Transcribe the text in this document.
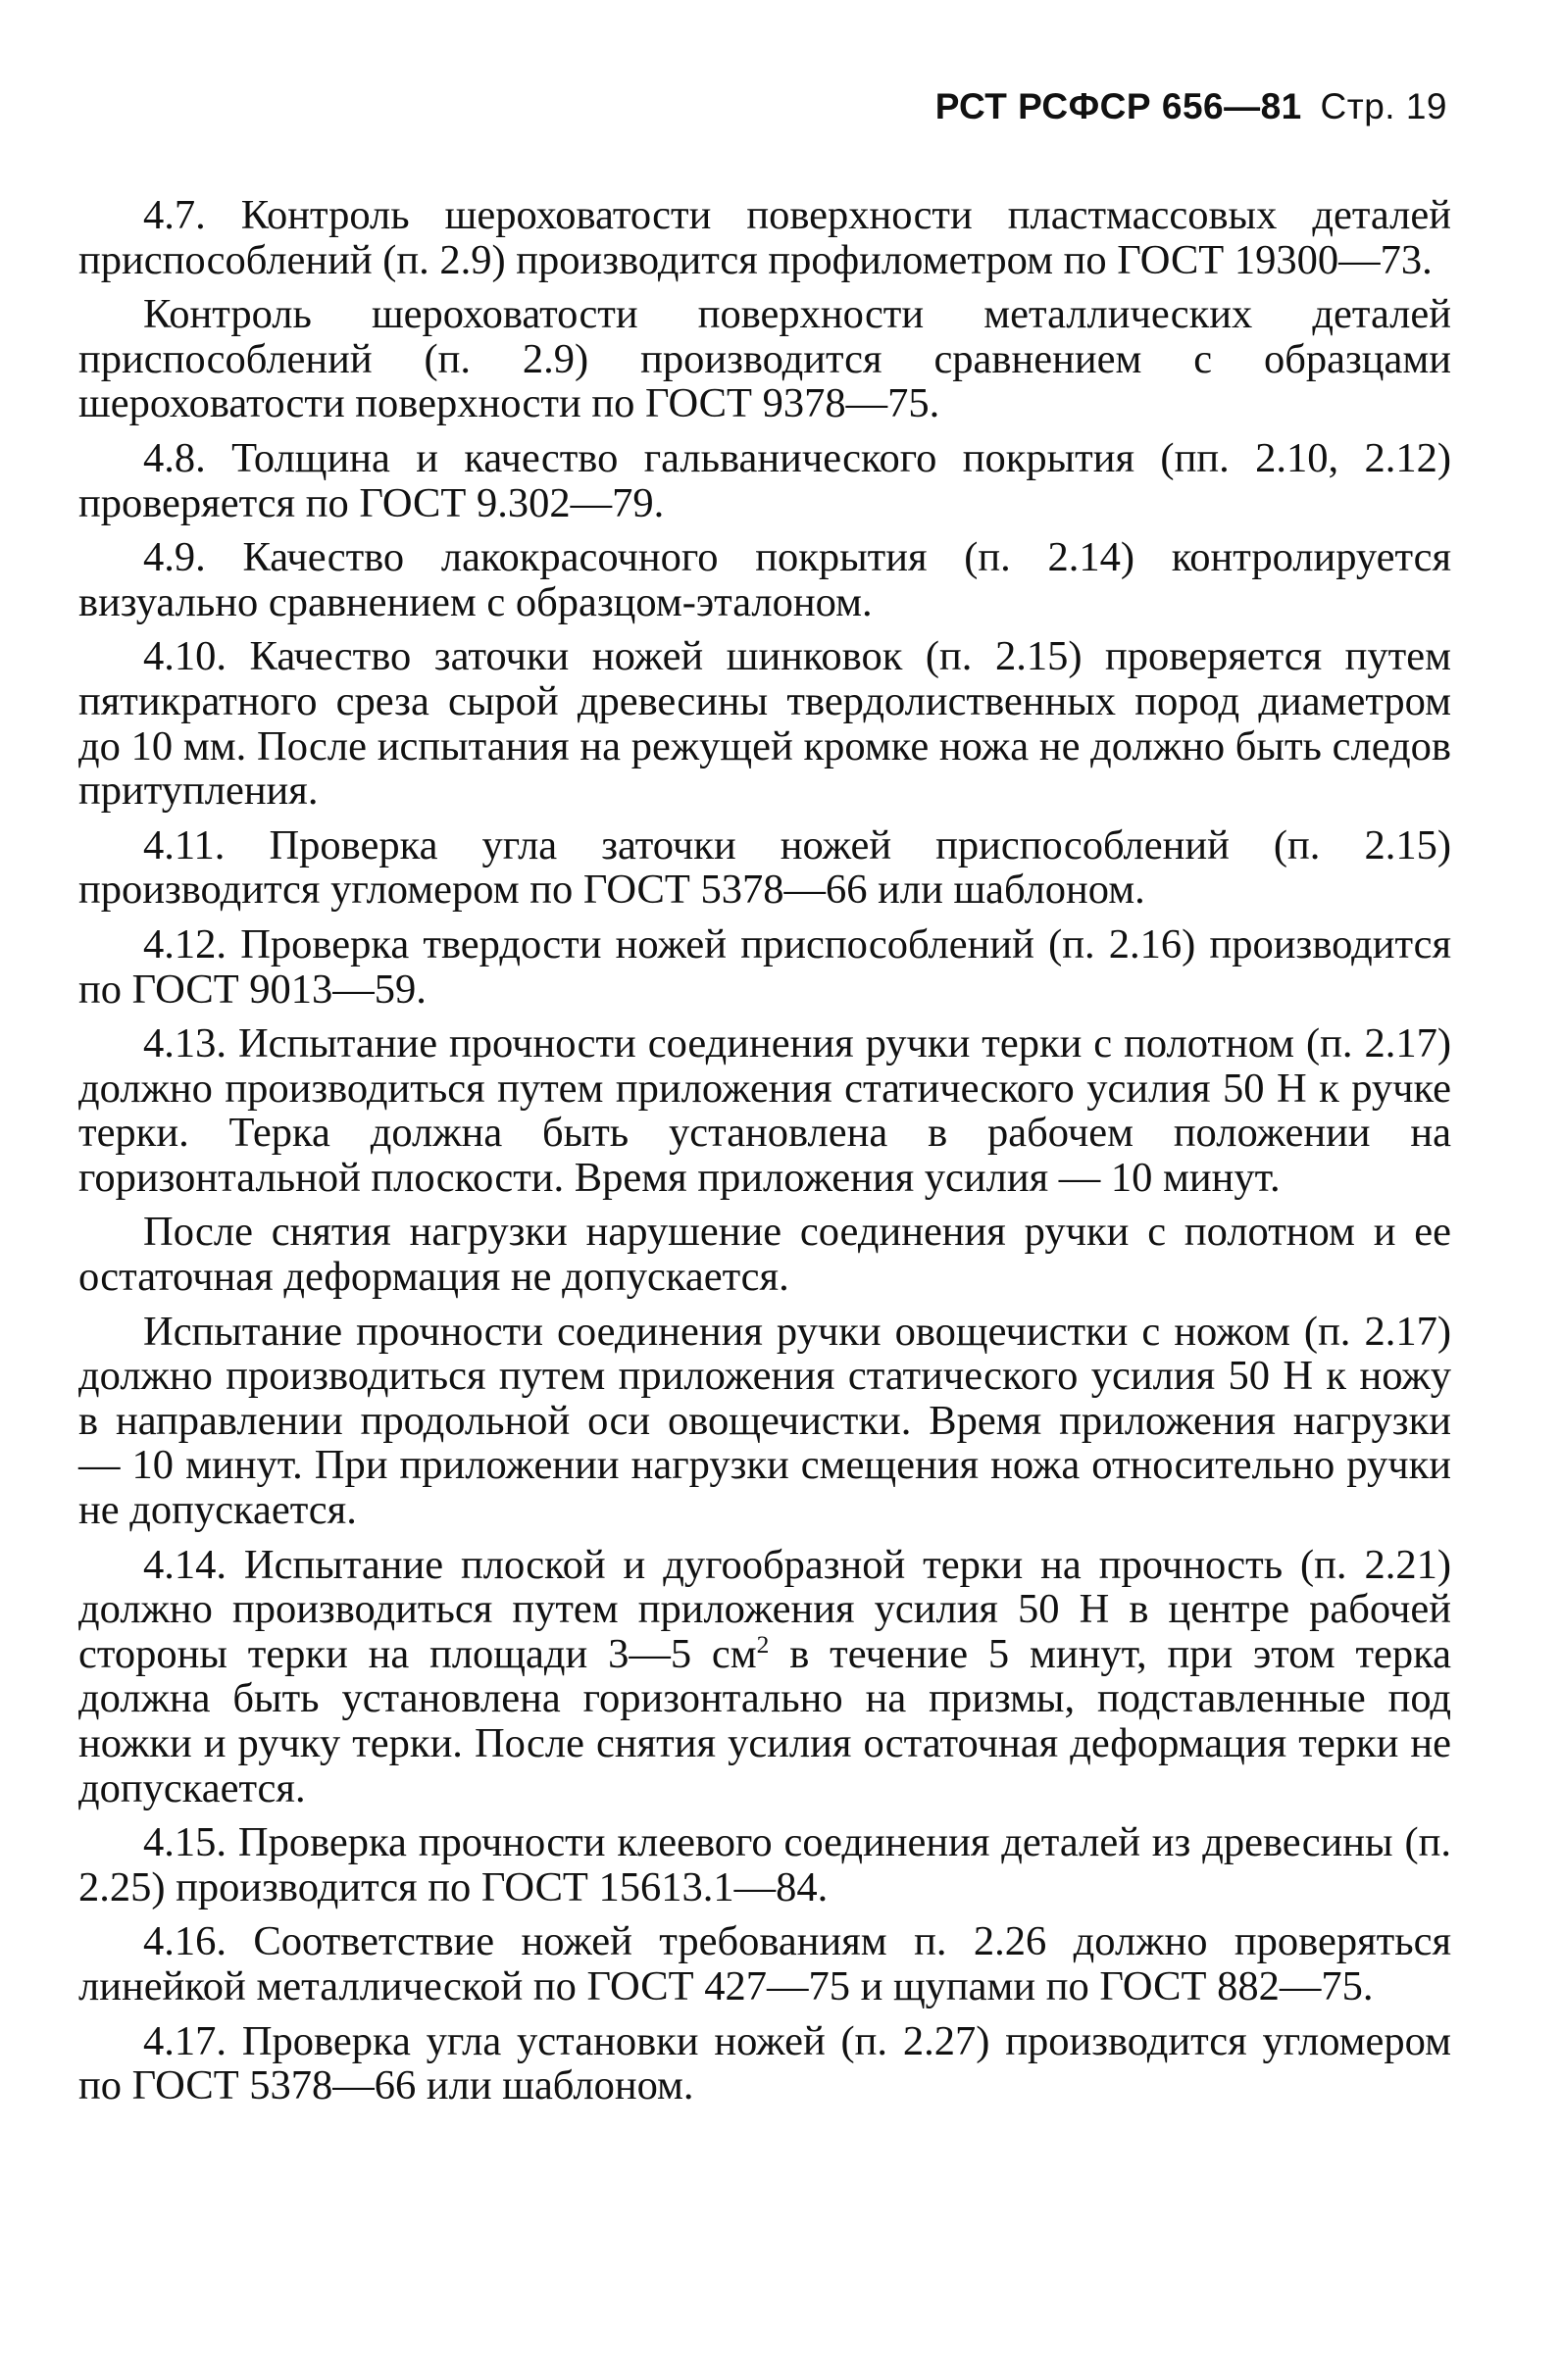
РСТ РСФСР 656—81 Стр. 19

4.7. Контроль шероховатости поверхности пластмассовых деталей приспособлений (п. 2.9) производится профилометром по ГОСТ 19300—73.

Контроль шероховатости поверхности металлических деталей приспособлений (п. 2.9) производится сравнением с образцами шероховатости поверхности по ГОСТ 9378—75.

4.8. Толщина и качество гальванического покрытия (пп. 2.10, 2.12) проверяется по ГОСТ 9.302—79.

4.9. Качество лакокрасочного покрытия (п. 2.14) контролируется визуально сравнением с образцом-эталоном.

4.10. Качество заточки ножей шинковок (п. 2.15) проверяется путем пятикратного среза сырой древесины твердолиственных пород диаметром до 10 мм. После испытания на режущей кромке ножа не должно быть следов притупления.

4.11. Проверка угла заточки ножей приспособлений (п. 2.15) производится угломером по ГОСТ 5378—66 или шаблоном.

4.12. Проверка твердости ножей приспособлений (п. 2.16) производится по ГОСТ 9013—59.

4.13. Испытание прочности соединения ручки терки с полотном (п. 2.17) должно производиться путем приложения статического усилия 50 Н к ручке терки. Терка должна быть установлена в рабочем положении на горизонтальной плоскости. Время приложения усилия — 10 минут.

После снятия нагрузки нарушение соединения ручки с полотном и ее остаточная деформация не допускается.

Испытание прочности соединения ручки овощечистки с ножом (п. 2.17) должно производиться путем приложения статического усилия 50 Н к ножу в направлении продольной оси овощечистки. Время приложения нагрузки — 10 минут. При приложении нагрузки смещения ножа относительно ручки не допускается.

4.14. Испытание плоской и дугообразной терки на прочность (п. 2.21) должно производиться путем приложения усилия 50 Н в центре рабочей стороны терки на площади 3—5 $см^2$ в течение 5 минут, при этом терка должна быть установлена горизонтально на призмы, подставленные под ножки и ручку терки. После снятия усилия остаточная деформация терки не допускается.

4.15. Проверка прочности клеевого соединения деталей из древесины (п. 2.25) производится по ГОСТ 15613.1—84.

4.16. Соответствие ножей требованиям п. 2.26 должно проверяться линейкой металлической по ГОСТ 427—75 и щупами по ГОСТ 882—75.

4.17. Проверка угла установки ножей (п. 2.27) производится угломером по ГОСТ 5378—66 или шаблоном.
